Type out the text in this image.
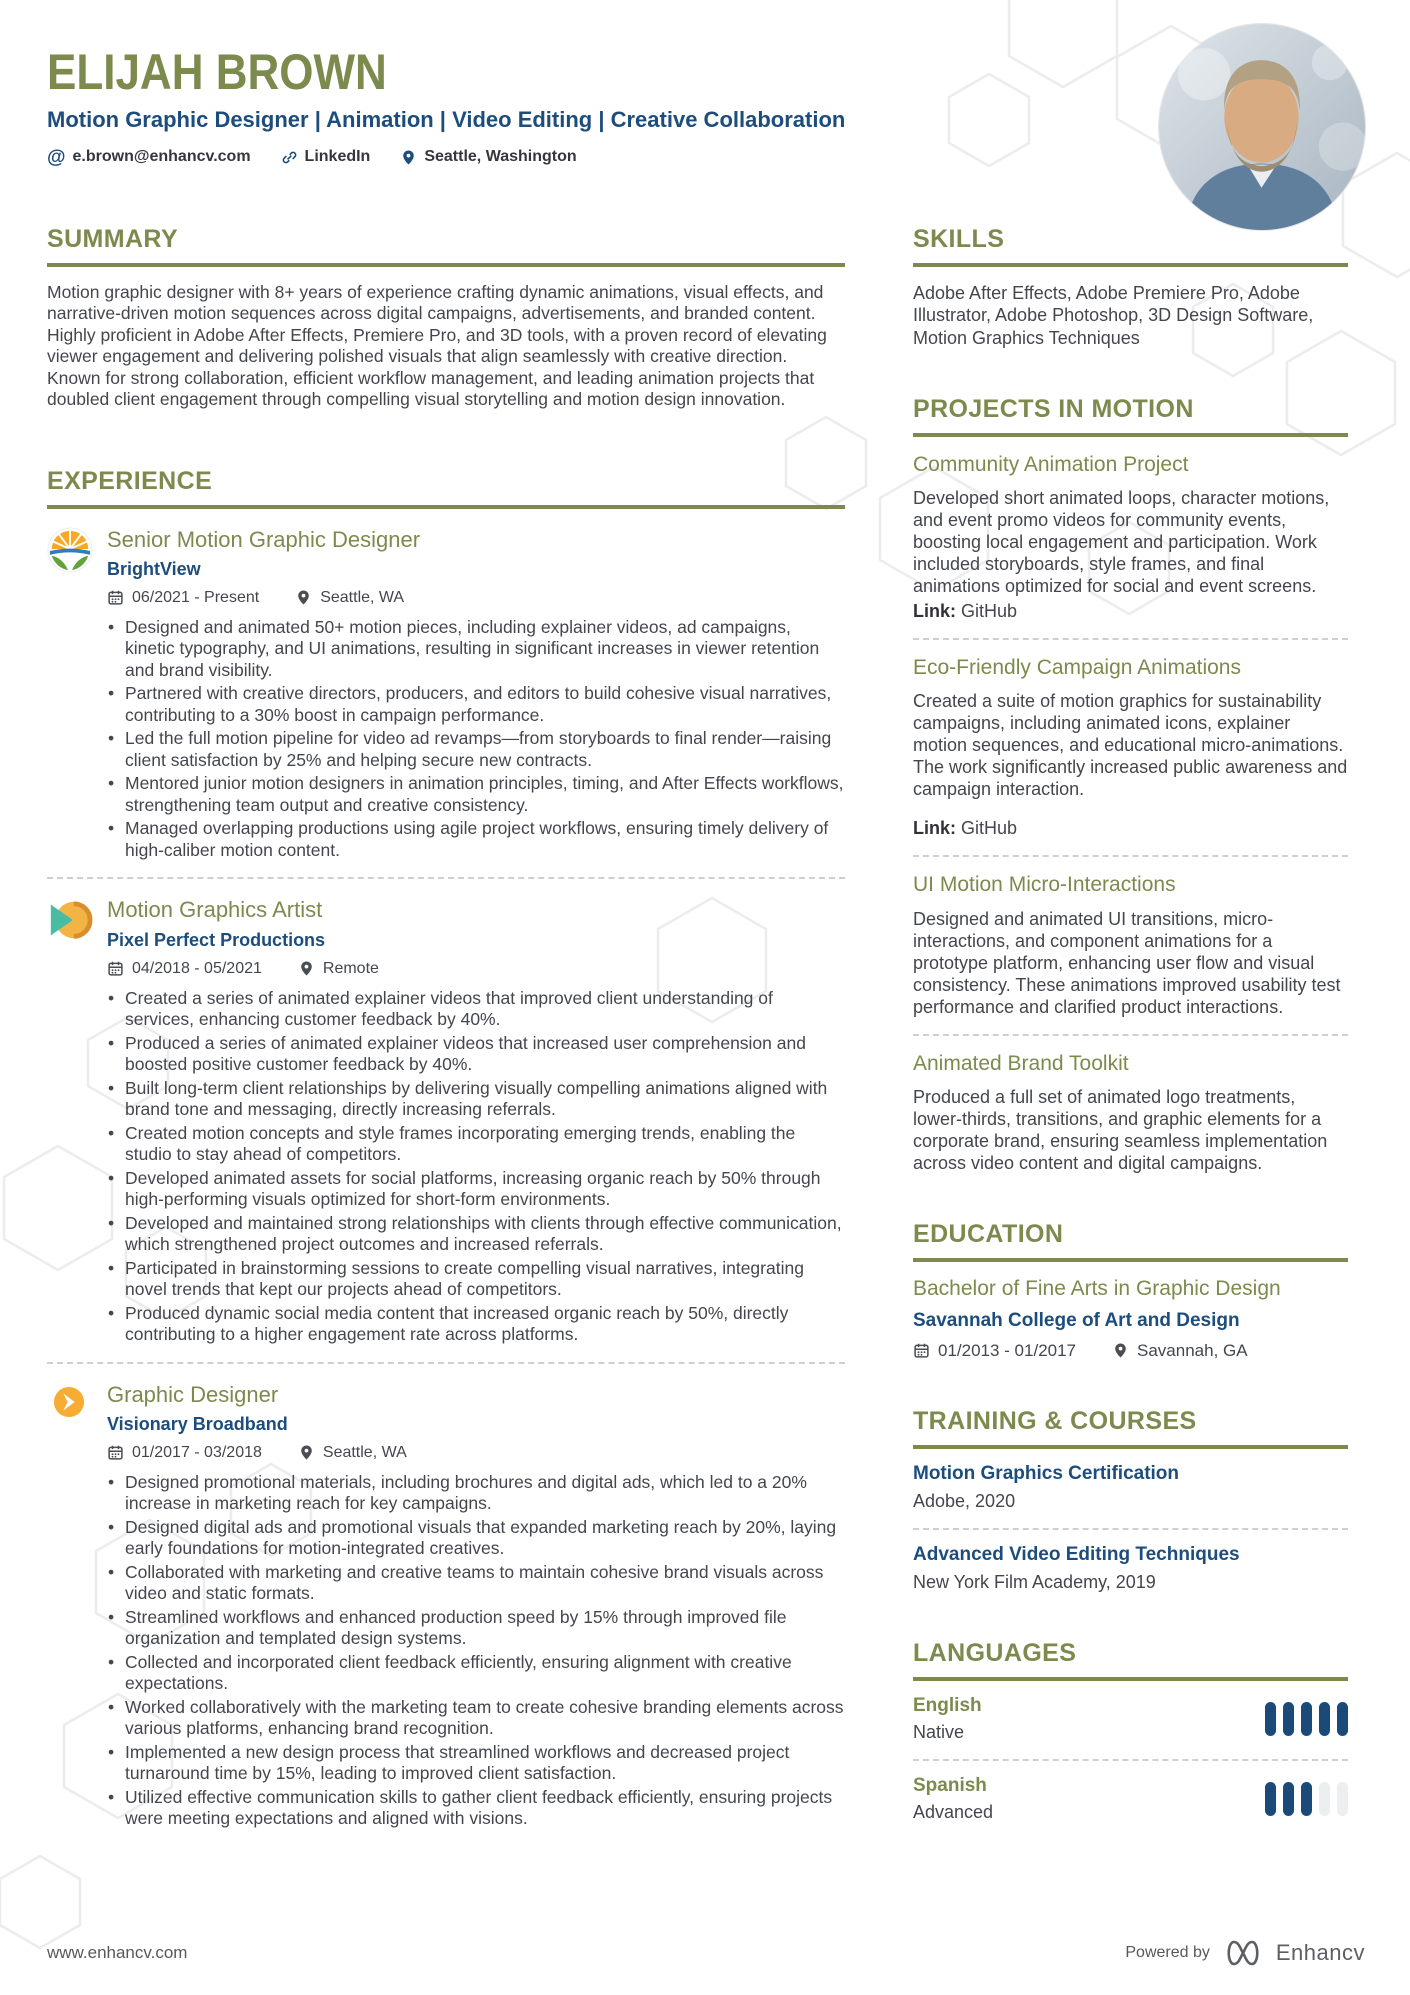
ELIJAH BROWN
Motion Graphic Designer | Animation | Video Editing | Creative Collaboration
@ e.brown@enhancv.com	LinkedIn	Seattle, Washington
SUMMARY

Motion graphic designer with 8+ years of experience crafting dynamic animations, visual effects, and narrative-driven motion sequences across digital campaigns, advertisements, and branded content. Highly proficient in Adobe After Effects, Premiere Pro, and 3D tools, with a proven record of elevating viewer engagement and delivering polished visuals that align seamlessly with creative direction. Known for strong collaboration, efficient workflow management, and leading animation projects that doubled client engagement through compelling visual storytelling and motion design innovation.

EXPERIENCE
Senior Motion Graphic Designer
BrightView
06/2021 - Present	Seattle, WA
• Designed and animated 50+ motion pieces, including explainer videos, ad campaigns, kinetic typography, and UI animations, resulting in significant increases in viewer retention and brand visibility.
• Partnered with creative directors, producers, and editors to build cohesive visual narratives, contributing to a 30% boost in campaign performance.
• Led the full motion pipeline for video ad revamps—from storyboards to final render—raising client satisfaction by 25% and helping secure new contracts.
• Mentored junior motion designers in animation principles, timing, and After Effects workflows, strengthening team output and creative consistency.
• Managed overlapping productions using agile project workflows, ensuring timely delivery of high-caliber motion content.
Motion Graphics Artist
Pixel Perfect Productions
04/2018 - 05/2021	Remote
• Created a series of animated explainer videos that improved client understanding of services, enhancing customer feedback by 40%.
• Produced a series of animated explainer videos that increased user comprehension and boosted positive customer feedback by 40%.
• Built long-term client relationships by delivering visually compelling animations aligned with brand tone and messaging, directly increasing referrals.
• Created motion concepts and style frames incorporating emerging trends, enabling the studio to stay ahead of competitors.
• Developed animated assets for social platforms, increasing organic reach by 50% through high-performing visuals optimized for short-form environments.
• Developed and maintained strong relationships with clients through effective communication, which strengthened project outcomes and increased referrals.
• Participated in brainstorming sessions to create compelling visual narratives, integrating novel trends that kept our projects ahead of competitors.
• Produced dynamic social media content that increased organic reach by 50%, directly contributing to a higher engagement rate across platforms.
Graphic Designer
Visionary Broadband
01/2017 - 03/2018	Seattle, WA
• Designed promotional materials, including brochures and digital ads, which led to a 20% increase in marketing reach for key campaigns.
• Designed digital ads and promotional visuals that expanded marketing reach by 20%, laying early foundations for motion-integrated creatives.
• Collaborated with marketing and creative teams to maintain cohesive brand visuals across video and static formats.
• Streamlined workflows and enhanced production speed by 15% through improved file organization and templated design systems.
• Collected and incorporated client feedback efficiently, ensuring alignment with creative expectations.
• Worked collaboratively with the marketing team to create cohesive branding elements across various platforms, enhancing brand recognition.
• Implemented a new design process that streamlined workflows and decreased project turnaround time by 15%, leading to improved client satisfaction.
• Utilized effective communication skills to gather client feedback efficiently, ensuring projects were meeting expectations and aligned with visions.
SKILLS
Adobe After Effects, Adobe Premiere Pro, Adobe Illustrator, Adobe Photoshop, 3D Design Software, Motion Graphics Techniques
PROJECTS IN MOTION
Community Animation Project
Developed short animated loops, character motions, and event promo videos for community events, boosting local engagement and participation. Work included storyboards, style frames, and final animations optimized for social and event screens.
Link: GitHub
Eco-Friendly Campaign Animations
Created a suite of motion graphics for sustainability campaigns, including animated icons, explainer motion sequences, and educational micro-animations. The work significantly increased public awareness and campaign interaction.
Link: GitHub
UI Motion Micro-Interactions
Designed and animated UI transitions, micro-interactions, and component animations for a prototype platform, enhancing user flow and visual consistency. These animations improved usability test performance and clarified product interactions.
Animated Brand Toolkit
Produced a full set of animated logo treatments, lower-thirds, transitions, and graphic elements for a corporate brand, ensuring seamless implementation across video content and digital campaigns.
EDUCATION
Bachelor of Fine Arts in Graphic Design
Savannah College of Art and Design
01/2013 - 01/2017	Savannah, GA
TRAINING & COURSES
Motion Graphics Certification
Adobe, 2020
Advanced Video Editing Techniques
New York Film Academy, 2019
LANGUAGES
English
Native
Spanish
Advanced
www.enhancv.com	Powered by	Enhancv
